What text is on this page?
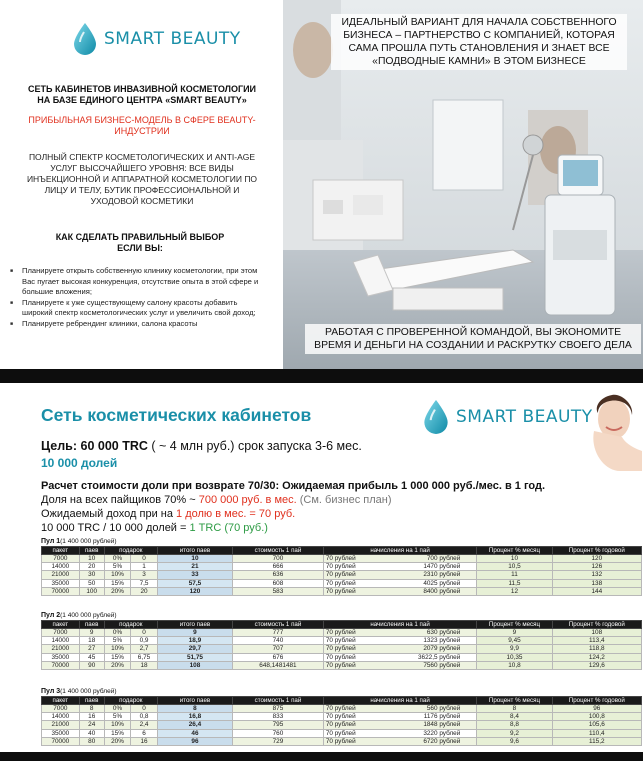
SMART BEAUTY
СЕТЬ КАБИНЕТОВ ИНВАЗИВНОЙ КОСМЕТОЛОГИИ НА БАЗЕ ЕДИНОГО ЦЕНТРА «SMART BEAUTY»
ПРИБЫЛЬНАЯ БИЗНЕС-МОДЕЛЬ В СФЕРЕ BEAUTY-ИНДУСТРИИ
ПОЛНЫЙ СПЕКТР КОСМЕТОЛОГИЧЕСКИХ И ANTI-AGE УСЛУГ ВЫСОЧАЙШЕГО УРОВНЯ: ВСЕ ВИДЫ ИНЪЕКЦИОННОЙ И АППАРАТНОЙ КОСМЕТОЛОГИИ ПО ЛИЦУ И ТЕЛУ, БУТИК ПРОФЕССИОНАЛЬНОЙ И УХОДОВОЙ КОСМЕТИКИ
КАК СДЕЛАТЬ ПРАВИЛЬНЫЙ ВЫБОР ЕСЛИ ВЫ:
■ Планируете открыть собственную клинику косметологии, при этом Вас пугает высокая конкуренция, отсутствие опыта в этой сфере и большие вложения;
■ Планируете к уже существующему салону красоты добавить широкий спектр косметологических услуг и увеличить свой доход;
■ Планируете ребрендинг клиники, салона красоты
ИДЕАЛЬНЫЙ ВАРИАНТ ДЛЯ НАЧАЛА СОБСТВЕННОГО БИЗНЕСА – ПАРТНЕРСТВО С КОМПАНИЕЙ, КОТОРАЯ САМА ПРОШЛА ПУТЬ СТАНОВЛЕНИЯ И ЗНАЕТ ВСЕ «ПОДВОДНЫЕ КАМНИ» В ЭТОМ БИЗНЕСЕ
РАБОТАЯ С ПРОВЕРЕННОЙ КОМАНДОЙ, ВЫ ЭКОНОМИТЕ ВРЕМЯ И ДЕНЬГИ НА СОЗДАНИИ И РАСКРУТКУ СВОЕГО ДЕЛА
Сеть косметических кабинетов	SMART BEAUTY
Цель: 60 000 TRC ( ~ 4 млн руб.) срок запуска 3-6 мес.
10 000 долей
Расчет стоимости доли при возврате 70/30: Ожидаемая прибыль 1 000 000 руб./мес. в 1 год.
Доля на всех пайщиков 70% ~ 700 000 руб. в мес. (См. бизнес план)
Ожидаемый доход при на 1 долю в мес. = 70 руб.
10 000 TRC / 10 000 долей = 1 TRC (70 руб.)
Пул 1(1 400 000 рублей)
пакет	паев	подарок		итого паев	стоимость 1 пай	начисления на 1 пай	Процент % месяц	Процент % годовой
7000	10	0%	0	10	700	70 рублей 700 рублей	10	120
14000	20	5%	1	21	666	70 рублей 1470 рублей	10,5	126
21000	30	10%	3	33	636	70 рублей 2310 рублей	11	132
35000	50	15%	7,5	57,5	608	70 рублей 4025 рублей	11,5	138
70000	100	20%	20	120	583	70 рублей 8400 рублей	12	144
Пул 2(1 400 000 рублей)
пакет	паев	подарок		итого паев	стоимость 1 пай	начисления на 1 пай	Процент % месяц	Процент % годовой
7000	9	0%	0	9	777	70 рублей 630 рублей	9	108
14000	18	5%	0,9	18,9	740	70 рублей 1323 рублей	9,45	113,4
21000	27	10%	2,7	29,7	707	70 рублей 2079 рублей	9,9	118,8
35000	45	15%	6,75	51,75	676	70 рублей 3622,5 рублей	10,35	124,2
70000	90	20%	18	108	648,1481481	70 рублей 7560 рублей	10,8	129,6
Пул 3(1 400 000 рублей)
пакет	паев	подарок		итого паев	стоимость 1 пай	начисления на 1 пай	Процент % месяц	Процент % годовой
7000	8	0%	0	8	875	70 рублей 560 рублей	8	96
14000	16	5%	0,8	16,8	833	70 рублей 1176 рублей	8,4	100,8
21000	24	10%	2,4	26,4	795	70 рублей 1848 рублей	8,8	105,6
35000	40	15%	6	46	760	70 рублей 3220 рублей	9,2	110,4
70000	80	20%	16	96	729	70 рублей 6720 рублей	9,6	115,2
